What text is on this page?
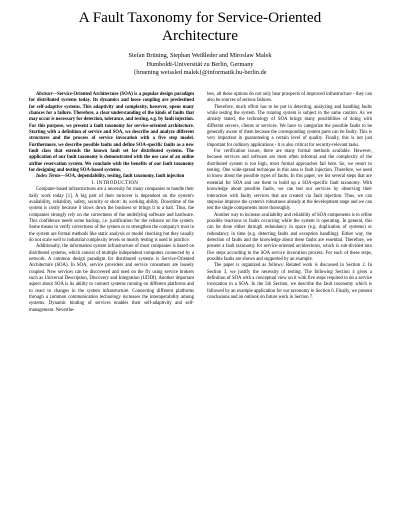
A Fault Taxonomy for Service-Oriented
Architecture
Stefan Brüning, Stephan Weißleder and Miroslaw Malek
Humboldt-Universität zu Berlin, Germany
{bruening weissled malek}@informatik.hu-berlin.de

Abstract—Service-Oriented Architecture (SOA) is a popular design paradigm for distributed systems today. Its dynamics and loose coupling are predestined for self-adaptive systems. This adaptivity and complexity, however, opens many chances for a failure. Therefore, a clear understanding of the kinds of faults that may occur is necessary for detection, tolerance, and testing, e.g. by fault injection. For this purpose, we present a fault taxonomy for service-oriented architecture. Starting with a definition of service and SOA, we describe and analyze different structures and the process of service invocation with a five step model. Furthermore, we describe possible faults and define SOA-specific faults as a new fault class that extends the known fault set for distributed systems. The application of our fault taxonomy is demonstrated with the use case of an online airline reservation system. We conclude with the benefits of our fault taxonomy for designing and testing SOA-based systems.

Index Terms—SOA, dependability, testing, fault taxonomy, fault injection

I. INTRODUCTION

Computer-based infrastructures are a necessity for many companies to handle their daily work today [1]. A big part of their turnover is dependent on the system's availability, reliability, safety, security or short: its working ability. Downtime of the system is costly because it slows down the business or brings it to a halt. Thus, the companies strongly rely on the correctness of the underlying software and hardware. This confidence needs some backup, i.e. justification for the reliance on the system. Some means to verify correctness of the system or to strengthen the company's trust in the system are formal methods like static analysis or model checking but they usually do not scale well to industrial complexity levels so mostly testing is used in practice.

Additionally, the information system infrastructure of most companies is based on distributed systems, which consist of multiple independent computers connected by a network. A common design paradigm for distributed systems is Service-Oriented Architecture (SOA). In SOA, service providers and service consumers are loosely coupled. New services can be discovered and used on the fly using service brokers such as Universal Description, Discovery and Integration (UDDI). Another important aspect about SOA is its ability to connect systems running on different platforms and to react to changes in the system infrastructure. Connecting different platforms through a common communication technology increases the interoperability among systems. Dynamic binding of services enables their self-adaptivity and self-management. Neverthe-

less, all these options do not only bear prospects of improved infrastructure - they can also be sources of serious failures.

Therefore, much effort has to be put in detecting, analyzing and handling faults while testing the system. The running system is subject to the same caution. As we already stated, the technology of SOA brings many possibilities of doing with different servers, clients or services. We have to categorize the possible faults to be generally aware of them because the corresponding system parts can be faulty. This is very important in guaranteeing a certain level of quality. Finally, this is not just important for ordinary applications - it is also critical for security-relevant tasks.

For verification issues, there are many formal methods available. However, because services and software are most often informal and the complexity of the distributed system is too high, most formal approaches fail here. So, we resort to testing. One wide-spread technique in this area is fault injection. Therefore, we need to know about the possible types of faults. In this paper, we list several steps that are essential for SOA and use them to build up a SOA-specific fault taxonomy. With knowledge about possible faults, we can test our services by observing their interaction with faulty services that are created via fault injection. Thus, we can stepwise improve the system's robustness already at the development stage and we can test the single components more thoroughly.

Another way to increase availability and reliability of SOA components is to refine possible reactions to faults occurring while the system is operating. In general, this can be done either through redundancy in space (e.g. duplication of systems) or redundancy in time (e.g. detecting faults and exception handling). Either way, the detection of faults and the knowledge about these faults are essential. Therefore, we present a fault taxonomy for service-oriented architectures, which is sub-divided into five steps according to the SOA service invocation process. For each of these steps, possible faults are shown and supported by an example.

The paper is organized as follows: Related work is discussed in Section 2. In Section 3, we justify the necessity of testing. The following Section 4 gives a definition of SOA with a conceptual view on it with five steps required to do a service invocation in a SOA. In the 5th Section, we describe the fault taxonomy which is followed by an example application for our taxonomy in Section 6. Finally, we present conclusions and an outlook on future work in Section 7.
